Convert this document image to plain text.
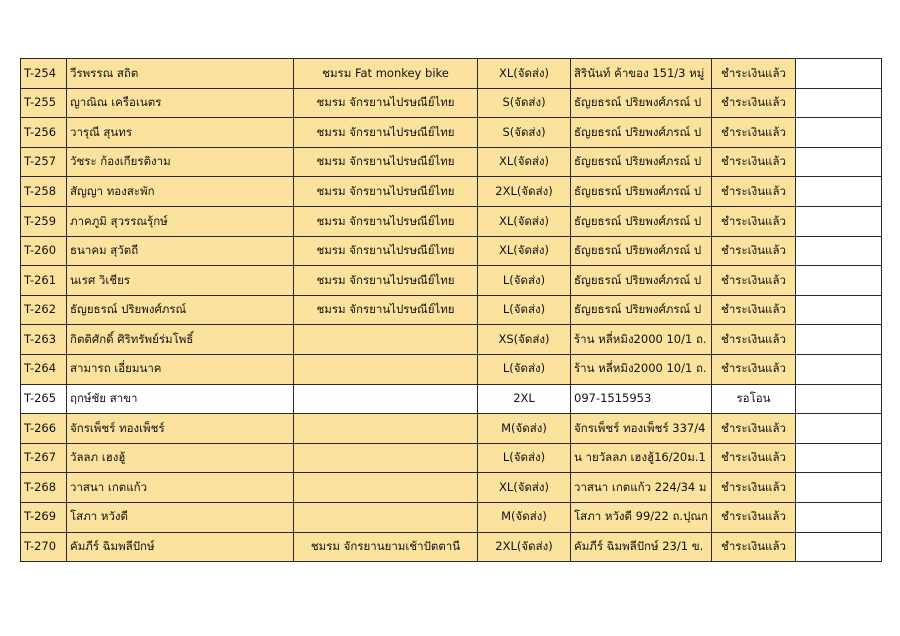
T-254	วีรพรรณ สถิต	ชมรม Fat monkey bike	XL(จัดส่ง)	สิรินันท์ ค้าของ 151/3 หมู่	ชำระเงินแล้ว	
T-255	ญาณิณ เครือเนตร	ชมรม จักรยานไปรษณีย์ไทย	S(จัดส่ง)	ธัญยธรณ์ ปริยพงศ์ภรณ์ ป	ชำระเงินแล้ว	
T-256	วารุณี สุนทร	ชมรม จักรยานไปรษณีย์ไทย	S(จัดส่ง)	ธัญยธรณ์ ปริยพงศ์ภรณ์ ป	ชำระเงินแล้ว	
T-257	วัชระ ก้องเกียรติงาม	ชมรม จักรยานไปรษณีย์ไทย	XL(จัดส่ง)	ธัญยธรณ์ ปริยพงศ์ภรณ์ ป	ชำระเงินแล้ว	
T-258	สัญญา ทองสะพัก	ชมรม จักรยานไปรษณีย์ไทย	2XL(จัดส่ง)	ธัญยธรณ์ ปริยพงศ์ภรณ์ ป	ชำระเงินแล้ว	
T-259	ภาคภูมิ สุวรรณรุ้กษ์	ชมรม จักรยานไปรษณีย์ไทย	XL(จัดส่ง)	ธัญยธรณ์ ปริยพงศ์ภรณ์ ป	ชำระเงินแล้ว	
T-260	ธนาคม สุวัตถี	ชมรม จักรยานไปรษณีย์ไทย	XL(จัดส่ง)	ธัญยธรณ์ ปริยพงศ์ภรณ์ ป	ชำระเงินแล้ว	
T-261	นเรศ วิเชียร	ชมรม จักรยานไปรษณีย์ไทย	L(จัดส่ง)	ธัญยธรณ์ ปริยพงศ์ภรณ์ ป	ชำระเงินแล้ว	
T-262	ธัญยธรณ์ ปริยพงศ์ภรณ์	ชมรม จักรยานไปรษณีย์ไทย	L(จัดส่ง)	ธัญยธรณ์ ปริยพงศ์ภรณ์ ป	ชำระเงินแล้ว	
T-263	กิตติศักดิ์ ศิริทรัพย์ร่มโพธิ์		XS(จัดส่ง)	ร้าน หลี่หมิง2000 10/1 ถ.	ชำระเงินแล้ว	
T-264	สามารถ เอี่ยมนาค		L(จัดส่ง)	ร้าน หลี่หมิง2000 10/1 ถ.	ชำระเงินแล้ว	
T-265	ฤกษ์ชัย สาขา		2XL	097-1515953	รอโอน	
T-266	จักรเพ็ชร์ ทองเพ็ชร์		M(จัดส่ง)	จักรเพ็ชร์ ทองเพ็ชร์ 337/4	ชำระเงินแล้ว	
T-267	วัลลภ เฮงฮู้		L(จัดส่ง)	น ายวัลลภ เฮงฮู้16/20ม.1	ชำระเงินแล้ว	
T-268	วาสนา เกตแก้ว		XL(จัดส่ง)	วาสนา เกตแก้ว 224/34 ม	ชำระเงินแล้ว	
T-269	โสภา หวังดี		M(จัดส่ง)	โสภา หวังดี 99/22 ถ.ปุณก	ชำระเงินแล้ว	
T-270	คัมภีร์ ฉิมพลีปักษ์	ชมรม จักรยานยามเช้าปัตตานี	2XL(จัดส่ง)	คัมภีร์ ฉิมพลีปักษ์ 23/1 ข.	ชำระเงินแล้ว	
